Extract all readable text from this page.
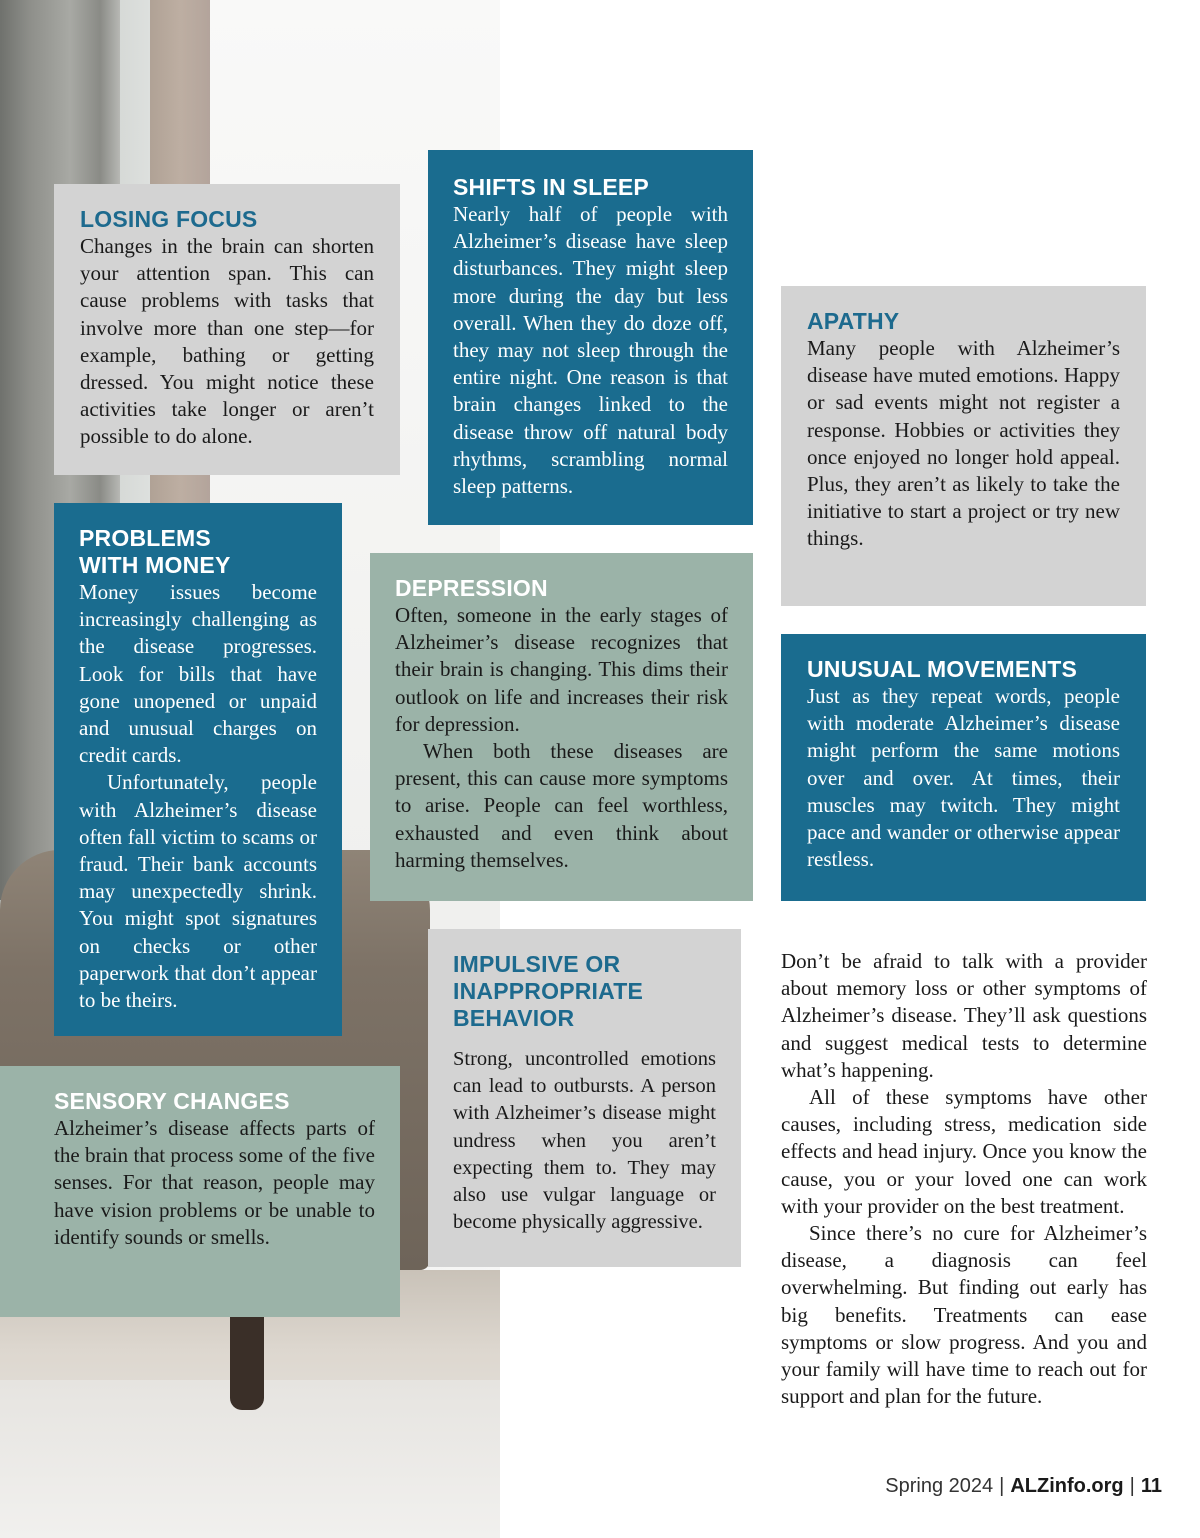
LOSING FOCUS

Changes in the brain can shorten your attention span. This can cause problems with tasks that involve more than one step—for example, bathing or getting dressed. You might notice these activities take longer or aren’t possible to do alone.

SHIFTS IN SLEEP

Nearly half of people with Alzheimer’s disease have sleep disturbances. They might sleep more during the day but less overall. When they do doze off, they may not sleep through the entire night. One reason is that brain changes linked to the disease throw off natural body rhythms, scrambling normal sleep patterns.

APATHY

Many people with Alzheimer’s disease have muted emotions. Happy or sad events might not register a response. Hobbies or activities they once enjoyed no longer hold appeal. Plus, they aren’t as likely to take the initiative to start a project or try new things.

PROBLEMS
WITH MONEY

Money issues become increasingly challenging as the disease progresses. Look for bills that have gone unopened or unpaid and unusual charges on credit cards.

Unfortunately, people with Alzheimer’s disease often fall victim to scams or fraud. Their bank accounts may unexpectedly shrink. You might spot signatures on checks or other paperwork that don’t appear to be theirs.

DEPRESSION

Often, someone in the early stages of Alzheimer’s disease recognizes that their brain is changing. This dims their outlook on life and increases their risk for depression.

When both these diseases are present, this can cause more symptoms to arise. People can feel worthless, exhausted and even think about harming themselves.

UNUSUAL MOVEMENTS

Just as they repeat words, people with moderate Alzheimer’s disease might perform the same motions over and over. At times, their muscles may twitch. They might pace and wander or otherwise appear restless.

SENSORY CHANGES

Alzheimer’s disease affects parts of the brain that process some of the five senses. For that reason, people may have vision problems or be unable to identify sounds or smells.

IMPULSIVE OR
INAPPROPRIATE
BEHAVIOR

Strong, uncontrolled emotions can lead to outbursts. A person with Alzheimer’s disease might undress when you aren’t expecting them to. They may also use vulgar language or become physically aggressive.

Don’t be afraid to talk with a provider about memory loss or other symptoms of Alzheimer’s disease. They’ll ask questions and suggest medical tests to determine what’s happening.

All of these symptoms have other causes, including stress, medication side effects and head injury. Once you know the cause, you or your loved one can work with your provider on the best treatment.

Since there’s no cure for Alzheimer’s disease, a diagnosis can feel overwhelming. But finding out early has big benefits. Treatments can ease symptoms or slow progress. And you and your family will have time to reach out for support and plan for the future.

Spring 2024 | ALZinfo.org | 11
